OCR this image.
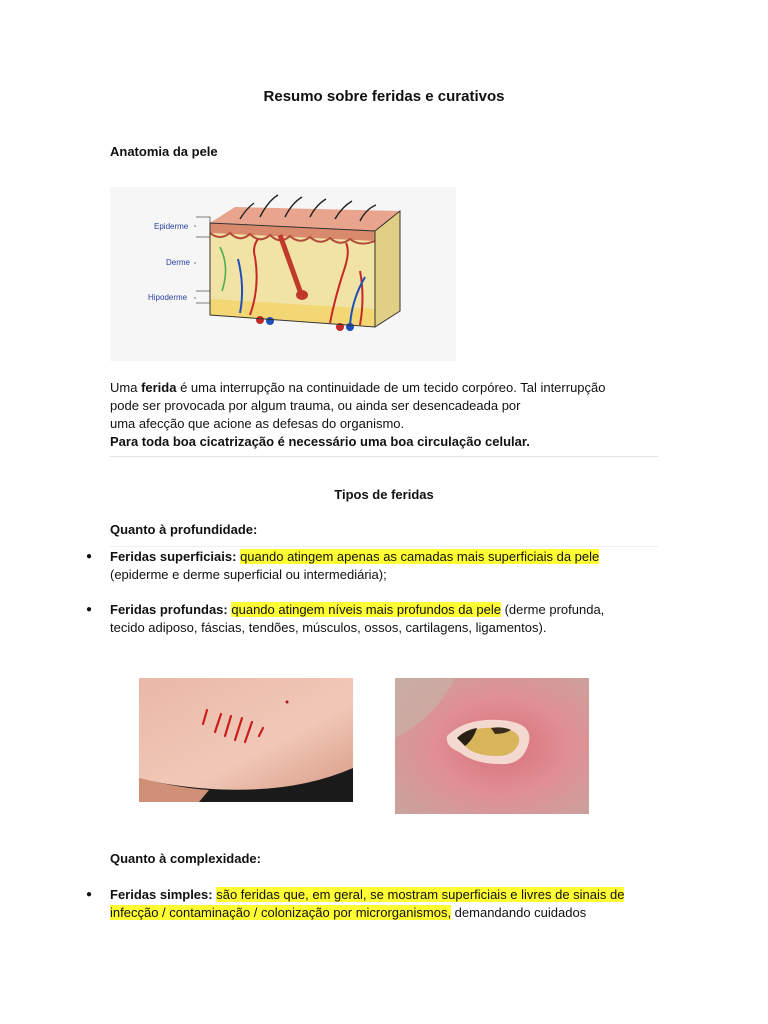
Resumo sobre feridas e curativos
Anatomia da pele
Epiderme
Derme
Hipoderme
Uma ferida é uma interrupção na continuidade de um tecido corpóreo. Tal interrupção
pode ser provocada por algum trauma, ou ainda ser desencadeada por
uma afecção que acione as defesas do organismo.
Para toda boa cicatrização é necessário uma boa circulação celular.
Tipos de feridas
Quanto à profundidade:
● Feridas superficiais: quando atingem apenas as camadas mais superficiais da pele
(epiderme e derme superficial ou intermediária);
● Feridas profundas: quando atingem níveis mais profundos da pele (derme profunda,
tecido adiposo, fáscias, tendões, músculos, ossos, cartilagens, ligamentos).
Quanto à complexidade:
● Feridas simples: são feridas que, em geral, se mostram superficiais e livres de sinais de
infecção / contaminação / colonização por microrganismos, demandando cuidados
